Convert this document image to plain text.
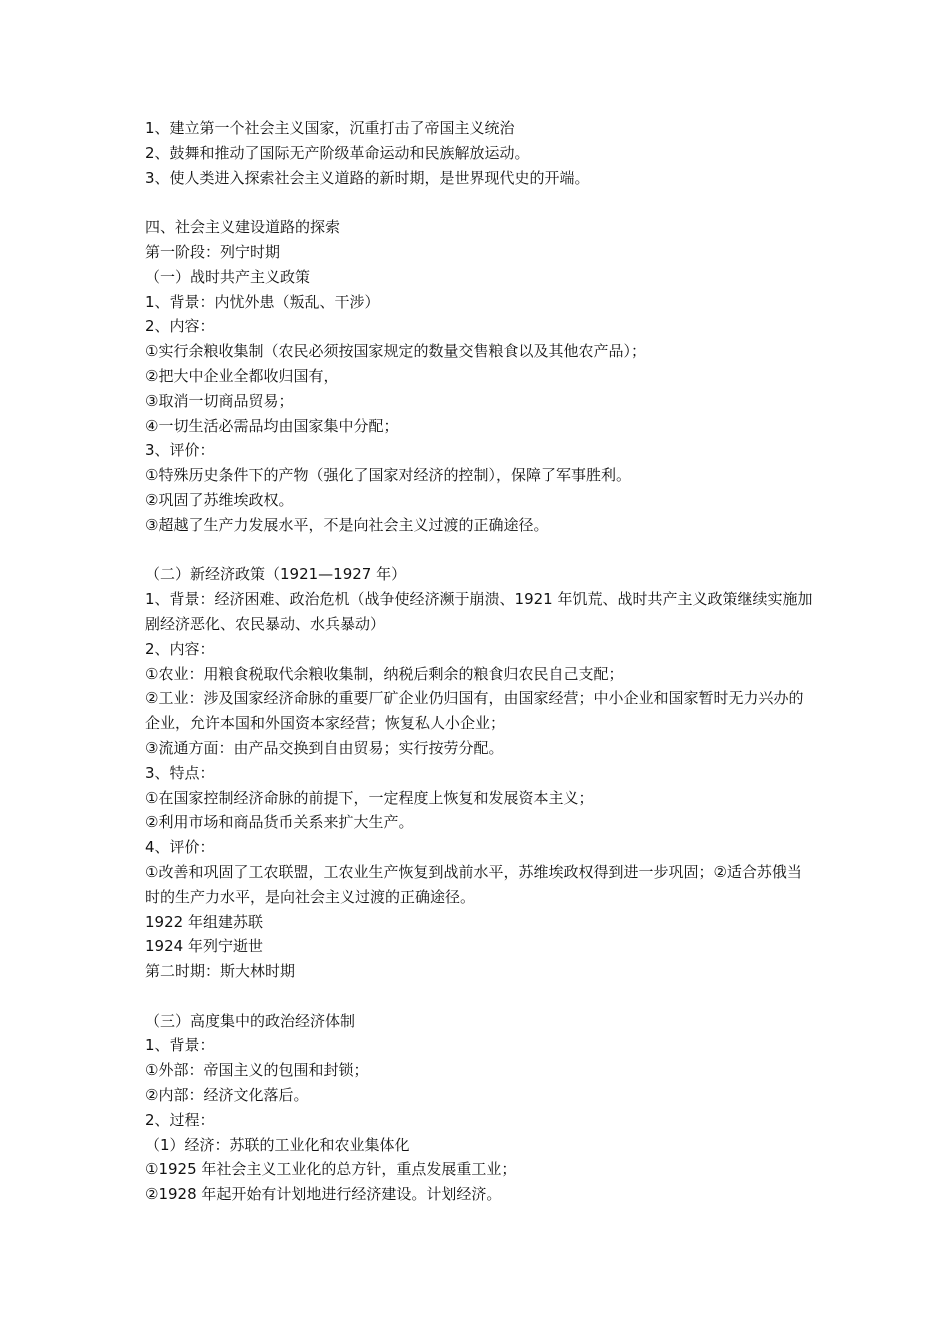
1、建立第一个社会主义国家，沉重打击了帝国主义统治
2、鼓舞和推动了国际无产阶级革命运动和民族解放运动。
3、使人类进入探索社会主义道路的新时期，是世界现代史的开端。
四、社会主义建设道路的探索
第一阶段：列宁时期
（一）战时共产主义政策
1、背景：内忧外患（叛乱、干涉）
2、内容：
①实行余粮收集制（农民必须按国家规定的数量交售粮食以及其他农产品）；
②把大中企业全都收归国有，
③取消一切商品贸易；
④一切生活必需品均由国家集中分配；
3、评价：
①特殊历史条件下的产物（强化了国家对经济的控制），保障了军事胜利。
②巩固了苏维埃政权。
③超越了生产力发展水平，不是向社会主义过渡的正确途径。
（二）新经济政策（1921—1927 年）
1、背景：经济困难、政治危机（战争使经济濒于崩溃、1921 年饥荒、战时共产主义政策继续实施加剧经济恶化、农民暴动、水兵暴动）
2、内容：
①农业：用粮食税取代余粮收集制，纳税后剩余的粮食归农民自己支配；
②工业：涉及国家经济命脉的重要厂矿企业仍归国有，由国家经营；中小企业和国家暂时无力兴办的企业，允许本国和外国资本家经营；恢复私人小企业；
③流通方面：由产品交换到自由贸易；实行按劳分配。
3、特点：
①在国家控制经济命脉的前提下，一定程度上恢复和发展资本主义；
②利用市场和商品货币关系来扩大生产。
4、评价：
①改善和巩固了工农联盟，工农业生产恢复到战前水平，苏维埃政权得到进一步巩固；②适合苏俄当时的生产力水平，是向社会主义过渡的正确途径。
1922 年组建苏联
1924 年列宁逝世
第二时期：斯大林时期
（三）高度集中的政治经济体制
1、背景：
①外部：帝国主义的包围和封锁；
②内部：经济文化落后。
2、过程：
（1）经济：苏联的工业化和农业集体化
①1925 年社会主义工业化的总方针，重点发展重工业；
②1928 年起开始有计划地进行经济建设。计划经济。
